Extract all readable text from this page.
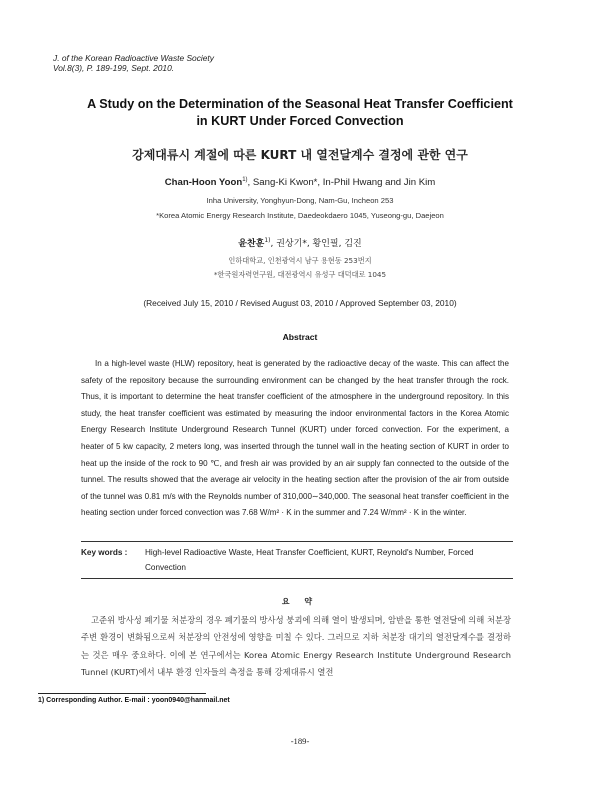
J. of the Korean Radioactive Waste Society
Vol.8(3), P. 189-199, Sept. 2010.
A Study on the Determination of the Seasonal Heat Transfer Coefficient
in KURT Under Forced Convection
강제대류시 계절에 따른 KURT 내 열전달계수 결정에 관한 연구
Chan-Hoon Yoon$^{1)}$, Sang-Ki Kwon*, In-Phil Hwang and Jin Kim
Inha University, Yonghyun-Dong, Nam-Gu, Incheon 253
*Korea Atomic Energy Research Institute, Daedeokdaero 1045, Yuseong-gu, Daejeon
윤찬훈$^{1)}$, 권상기*, 황인필, 김진
인하대학교, 인천광역시 남구 용현동 253번지
*한국원자력연구원, 대전광역시 유성구 대덕대로 1045
(Received July 15, 2010 / Revised August 03, 2010 / Approved September 03, 2010)
Abstract
In a high-level waste (HLW) repository, heat is generated by the radioactive decay of the waste. This can affect the safety of the repository because the surrounding environment can be changed by the heat transfer through the rock. Thus, it is important to determine the heat transfer coefficient of the atmosphere in the underground repository. In this study, the heat transfer coefficient was estimated by measuring the indoor environmental factors in the Korea Atomic Energy Research Institute Underground Research Tunnel (KURT) under forced convection. For the experiment, a heater of 5 kw capacity, 2 meters long, was inserted through the tunnel wall in the heating section of KURT in order to heat up the inside of the rock to 90 ℃, and fresh air was provided by an air supply fan connected to the outside of the tunnel. The results showed that the average air velocity in the heating section after the provision of the air from outside of the tunnel was 0.81 m/s with the Reynolds number of 310,000∼340,000. The seasonal heat transfer coefficient in the heating section under forced convection was 7.68 W/m² · K in the summer and 7.24 W/mm² · K in the winter.
Key words :	High-level Radioactive Waste, Heat Transfer Coefficient, KURT, Reynold's Number, Forced Convection
요 약
고준위 방사성 폐기물 처분장의 경우 폐기물의 방사성 붕괴에 의해 열이 발생되며, 암반을 통한 열전달에 의해 처분장 주변 환경이 변화됨으로써 처분장의 안전성에 영향을 미칠 수 있다. 그러므로 지하 처분장 대기의 열전달계수를 결정하는 것은 매우 중요하다. 이에 본 연구에서는 Korea Atomic Energy Research Institute Underground Research Tunnel (KURT)에서 내부 환경 인자들의 측정을 통해 강제대류시 열전
1) Corresponding Author. E-mail : yoon0940@hanmail.net
-189-
